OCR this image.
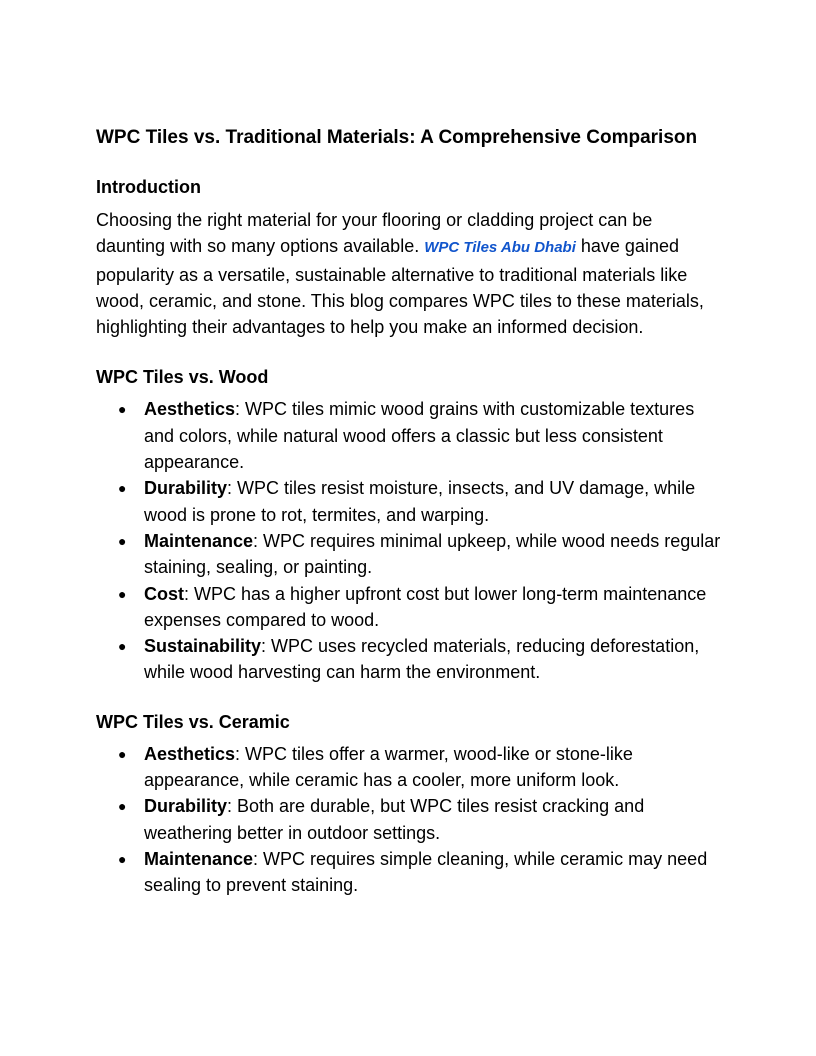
WPC Tiles vs. Traditional Materials: A Comprehensive Comparison
Introduction

Choosing the right material for your flooring or cladding project can be daunting with so many options available. WPC Tiles Abu Dhabi have gained popularity as a versatile, sustainable alternative to traditional materials like wood, ceramic, and stone. This blog compares WPC tiles to these materials, highlighting their advantages to help you make an informed decision.

WPC Tiles vs. Wood
● Aesthetics: WPC tiles mimic wood grains with customizable textures and colors, while natural wood offers a classic but less consistent appearance.
● Durability: WPC tiles resist moisture, insects, and UV damage, while wood is prone to rot, termites, and warping.
● Maintenance: WPC requires minimal upkeep, while wood needs regular staining, sealing, or painting.
● Cost: WPC has a higher upfront cost but lower long-term maintenance expenses compared to wood.
● Sustainability: WPC uses recycled materials, reducing deforestation, while wood harvesting can harm the environment.
WPC Tiles vs. Ceramic
● Aesthetics: WPC tiles offer a warmer, wood-like or stone-like appearance, while ceramic has a cooler, more uniform look.
● Durability: Both are durable, but WPC tiles resist cracking and weathering better in outdoor settings.
● Maintenance: WPC requires simple cleaning, while ceramic may need sealing to prevent staining.
